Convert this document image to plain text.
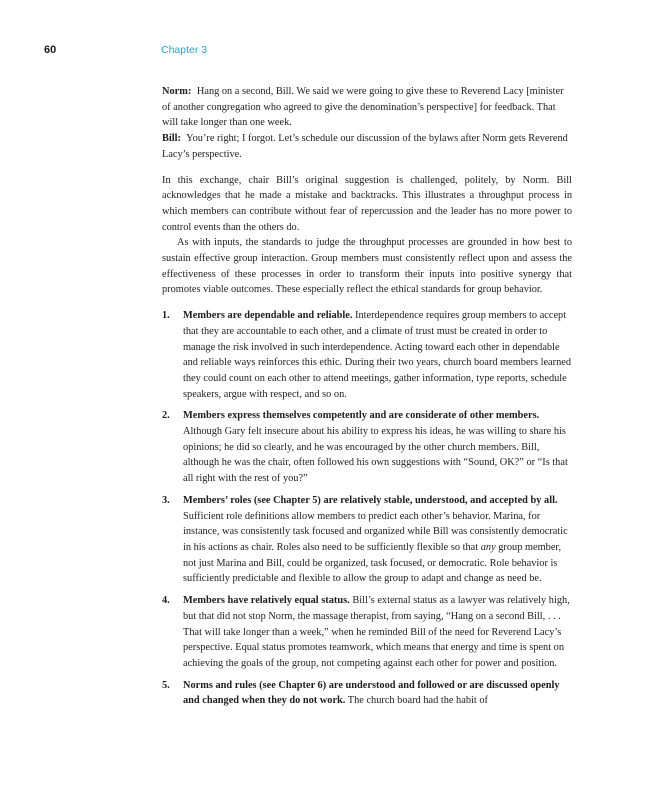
60	Chapter 3

Norm: Hang on a second, Bill. We said we were going to give these to Reverend Lacy [minister of another congregation who agreed to give the denomination’s perspective] for feedback. That will take longer than one week.

Bill: You’re right; I forgot. Let’s schedule our discussion of the bylaws after Norm gets Reverend Lacy’s perspective.

In this exchange, chair Bill’s original suggestion is challenged, politely, by Norm. Bill acknowledges that he made a mistake and backtracks. This illustrates a throughput process in which members can contribute without fear of repercussion and the leader has no more power to control events than the others do.

As with inputs, the standards to judge the throughput processes are grounded in how best to sustain effective group interaction. Group members must consistently reflect upon and assess the effectiveness of these processes in order to transform their inputs into positive synergy that promotes viable outcomes. These especially reflect the ethical standards for group behavior.

1. Members are dependable and reliable. Interdependence requires group members to accept that they are accountable to each other, and a climate of trust must be created in order to manage the risk involved in such interdependence. Acting toward each other in dependable and reliable ways reinforces this ethic. During their two years, church board members learned they could count on each other to attend meetings, gather information, type reports, schedule speakers, argue with respect, and so on.
2. Members express themselves competently and are considerate of other members. Although Gary felt insecure about his ability to express his ideas, he was willing to share his opinions; he did so clearly, and he was encouraged by the other church members. Bill, although he was the chair, often followed his own suggestions with “Sound, OK?” or “Is that all right with the rest of you?”
3. Members’ roles (see Chapter 5) are relatively stable, understood, and accepted by all. Sufficient role definitions allow members to predict each other’s behavior. Marina, for instance, was consistently task focused and organized while Bill was consistently democratic in his actions as chair. Roles also need to be sufficiently flexible so that any group member, not just Marina and Bill, could be organized, task focused, or democratic. Role behavior is sufficiently predictable and flexible to allow the group to adapt and change as need be.
4. Members have relatively equal status. Bill’s external status as a lawyer was relatively high, but that did not stop Norm, the massage therapist, from saying, “Hang on a second Bill, . . . That will take longer than a week,” when he reminded Bill of the need for Reverend Lacy’s perspective. Equal status promotes teamwork, which means that energy and time is spent on achieving the goals of the group, not competing against each other for power and position.
5. Norms and rules (see Chapter 6) are understood and followed or are discussed openly and changed when they do not work. The church board had the habit of
